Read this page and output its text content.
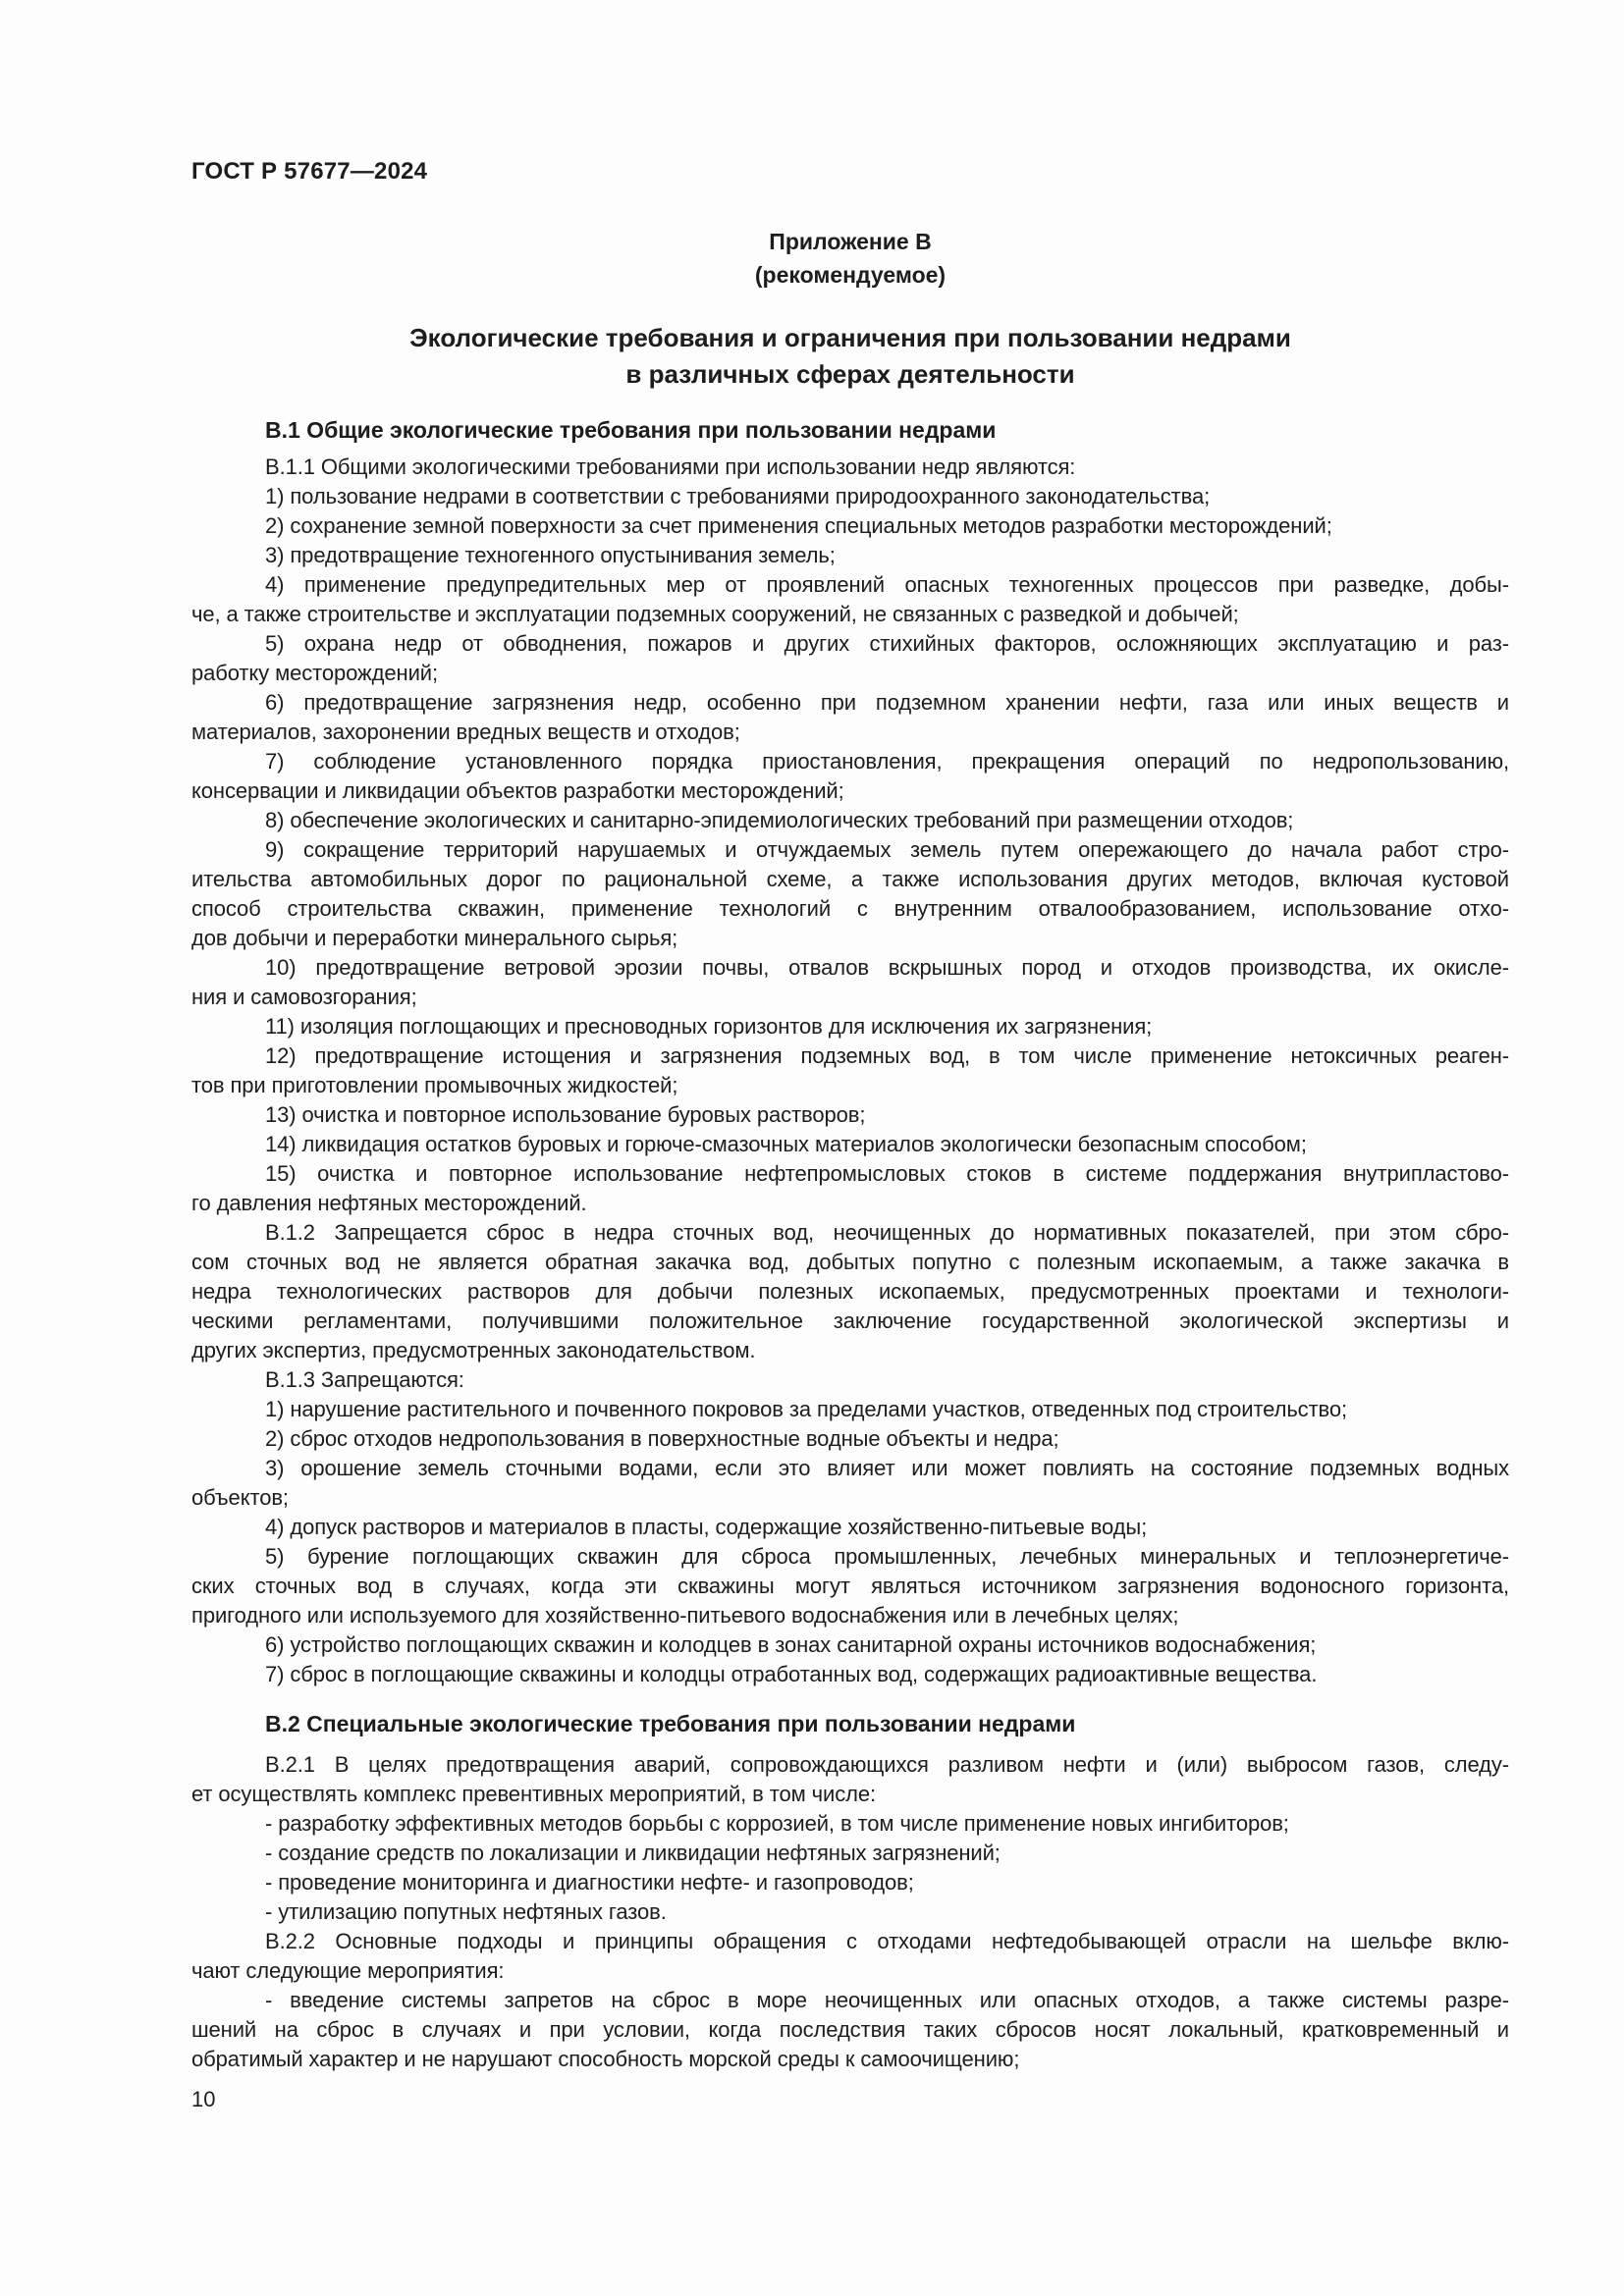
ГОСТ Р 57677—2024
Приложение В
(рекомендуемое)
Экологические требования и ограничения при пользовании недрами
в различных сферах деятельности
В.1 Общие экологические требования при пользовании недрами
В.1.1 Общими экологическими требованиями при использовании недр являются:
1) пользование недрами в соответствии с требованиями природоохранного законодательства;
2) сохранение земной поверхности за счет применения специальных методов разработки месторождений;
3) предотвращение техногенного опустынивания земель;
4) применение предупредительных мер от проявлений опасных техногенных процессов при разведке, добы-
че, а также строительстве и эксплуатации подземных сооружений, не связанных с разведкой и добычей;
5) охрана недр от обводнения, пожаров и других стихийных факторов, осложняющих эксплуатацию и раз-
работку месторождений;
6) предотвращение загрязнения недр, особенно при подземном хранении нефти, газа или иных веществ и
материалов, захоронении вредных веществ и отходов;
7) соблюдение установленного порядка приостановления, прекращения операций по недропользованию,
консервации и ликвидации объектов разработки месторождений;
8) обеспечение экологических и санитарно-эпидемиологических требований при размещении отходов;
9) сокращение территорий нарушаемых и отчуждаемых земель путем опережающего до начала работ стро-
ительства автомобильных дорог по рациональной схеме, а также использования других методов, включая кустовой
способ строительства скважин, применение технологий с внутренним отвалообразованием, использование отхо-
дов добычи и переработки минерального сырья;
10) предотвращение ветровой эрозии почвы, отвалов вскрышных пород и отходов производства, их окисле-
ния и самовозгорания;
11) изоляция поглощающих и пресноводных горизонтов для исключения их загрязнения;
12) предотвращение истощения и загрязнения подземных вод, в том числе применение нетоксичных реаген-
тов при приготовлении промывочных жидкостей;
13) очистка и повторное использование буровых растворов;
14) ликвидация остатков буровых и горюче-смазочных материалов экологически безопасным способом;
15) очистка и повторное использование нефтепромысловых стоков в системе поддержания внутрипластово-
го давления нефтяных месторождений.
В.1.2 Запрещается сброс в недра сточных вод, неочищенных до нормативных показателей, при этом сбро-
сом сточных вод не является обратная закачка вод, добытых попутно с полезным ископаемым, а также закачка в
недра технологических растворов для добычи полезных ископаемых, предусмотренных проектами и технологи-
ческими регламентами, получившими положительное заключение государственной экологической экспертизы и
других экспертиз, предусмотренных законодательством.
В.1.3 Запрещаются:
1) нарушение растительного и почвенного покровов за пределами участков, отведенных под строительство;
2) сброс отходов недропользования в поверхностные водные объекты и недра;
3) орошение земель сточными водами, если это влияет или может повлиять на состояние подземных водных
объектов;
4) допуск растворов и материалов в пласты, содержащие хозяйственно-питьевые воды;
5) бурение поглощающих скважин для сброса промышленных, лечебных минеральных и теплоэнергетиче-
ских сточных вод в случаях, когда эти скважины могут являться источником загрязнения водоносного горизонта,
пригодного или используемого для хозяйственно-питьевого водоснабжения или в лечебных целях;
6) устройство поглощающих скважин и колодцев в зонах санитарной охраны источников водоснабжения;
7) сброс в поглощающие скважины и колодцы отработанных вод, содержащих радиоактивные вещества.
В.2 Специальные экологические требования при пользовании недрами
В.2.1 В целях предотвращения аварий, сопровождающихся разливом нефти и (или) выбросом газов, следу-
ет осуществлять комплекс превентивных мероприятий, в том числе:
- разработку эффективных методов борьбы с коррозией, в том числе применение новых ингибиторов;
- создание средств по локализации и ликвидации нефтяных загрязнений;
- проведение мониторинга и диагностики нефте- и газопроводов;
- утилизацию попутных нефтяных газов.
В.2.2 Основные подходы и принципы обращения с отходами нефтедобывающей отрасли на шельфе вклю-
чают следующие мероприятия:
- введение системы запретов на сброс в море неочищенных или опасных отходов, а также системы разре-
шений на сброс в случаях и при условии, когда последствия таких сбросов носят локальный, кратковременный и
обратимый характер и не нарушают способность морской среды к самоочищению;
10
